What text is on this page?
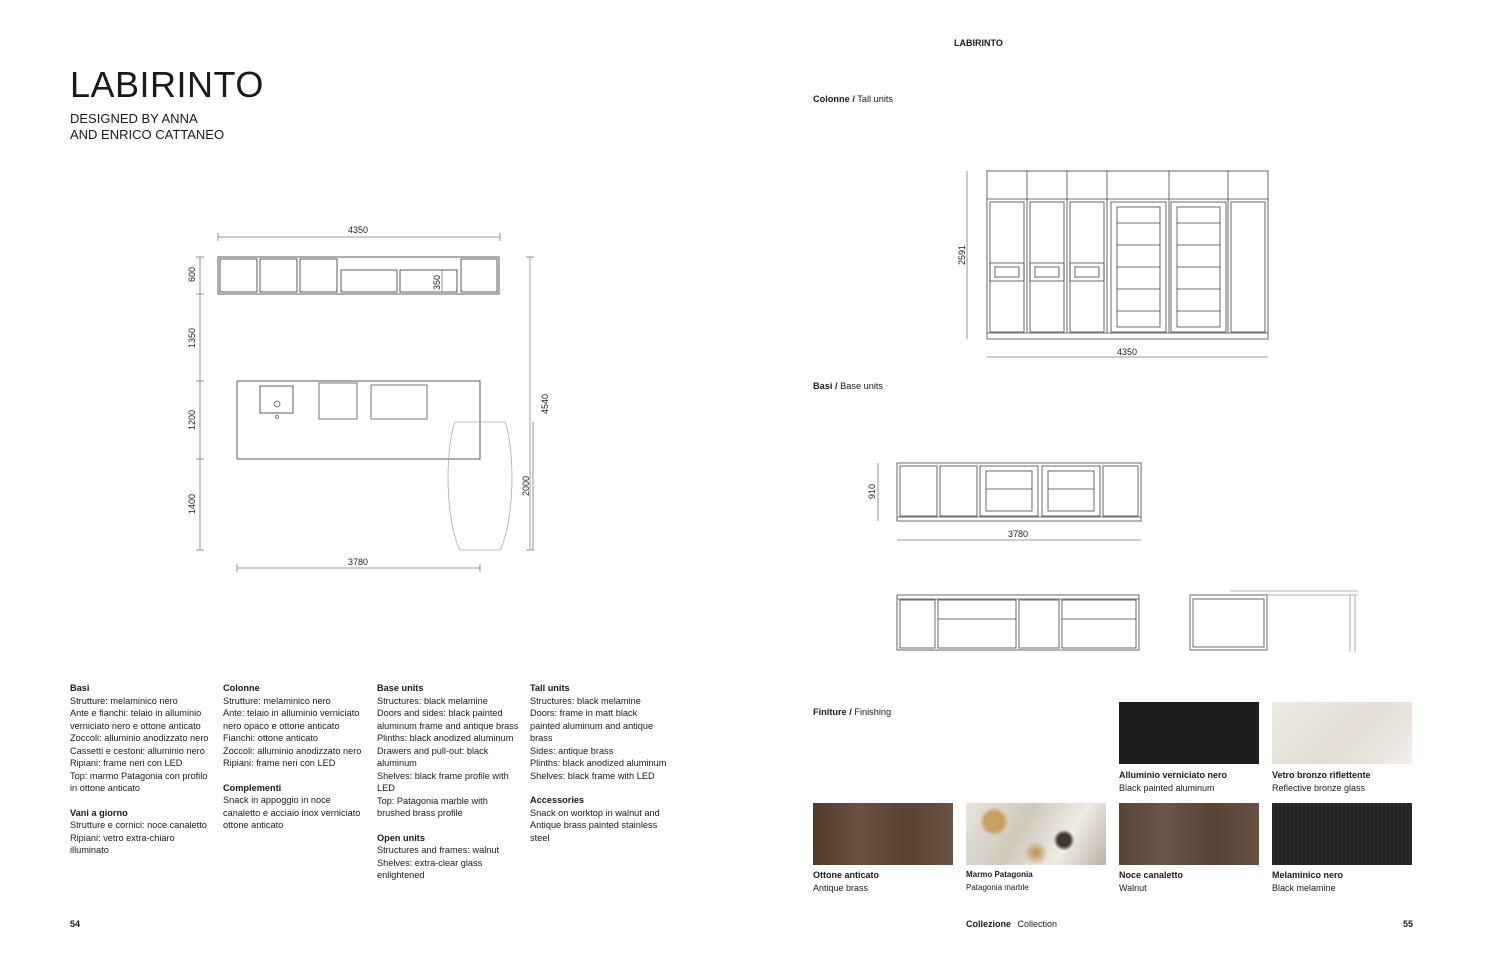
LABIRINTO
DESIGNED BY ANNA
AND ENRICO CATTANEO
4350
600
350
1350
1200
1400
4540
2000
3780
Basi

Strutture: melaminico nero

Ante e fianchi: telaio in alluminio

verniciato nero e ottone anticato

Zoccoli: alluminio anodizzato nero

Cassetti e cestoni: alluminio nero

Ripiani: frame neri con LED

Top: marmo Patagonia con profilo

in ottone anticato

Vani a giorno

Strutture e cornici: noce canaletto

Ripiani: vetro extra-chiaro

illuminato

Colonne

Strutture: melaminico nero

Ante: telaio in alluminio verniciato

nero opaco e ottone anticato

Fianchi: ottone anticato

Zoccoli: alluminio anodizzato nero

Ripiani: frame neri con LED

Complementi

Snack in appoggio in noce

canaletto e acciaio inox verniciato

ottone anticato

Base units

Structures: black melamine

Doors and sides: black painted

aluminum frame and antique brass

Plinths: black anodized aluminum

Drawers and pull-out: black

aluminum

Shelves: black frame profile with

LED

Top: Patagonia marble with

brushed brass profile

Open units

Structures and frames: walnut

Shelves: extra-clear glass

enlightened

Tall units

Structures: black melamine

Doors: frame in matt black

painted aluminum and antique

brass

Sides: antique brass

Plinths: black anodized aluminum

Shelves: black frame with LED

Accessories

Snack on worktop in walnut and

Antique brass painted stainless

steel

54
LABIRINTO
Colonne / Tall units
2591
4350
Basi / Base units
910
3780
Finiture / Finishing
Alluminio verniciato nero
Black painted aluminum
Vetro bronzo riflettente
Reflective bronze glass
Ottone anticato
Antique brass
Marmo Patagonia
Patagonia marble
Noce canaletto
Walnut
Melaminico nero
Black melamine
Collezione Collection	55
